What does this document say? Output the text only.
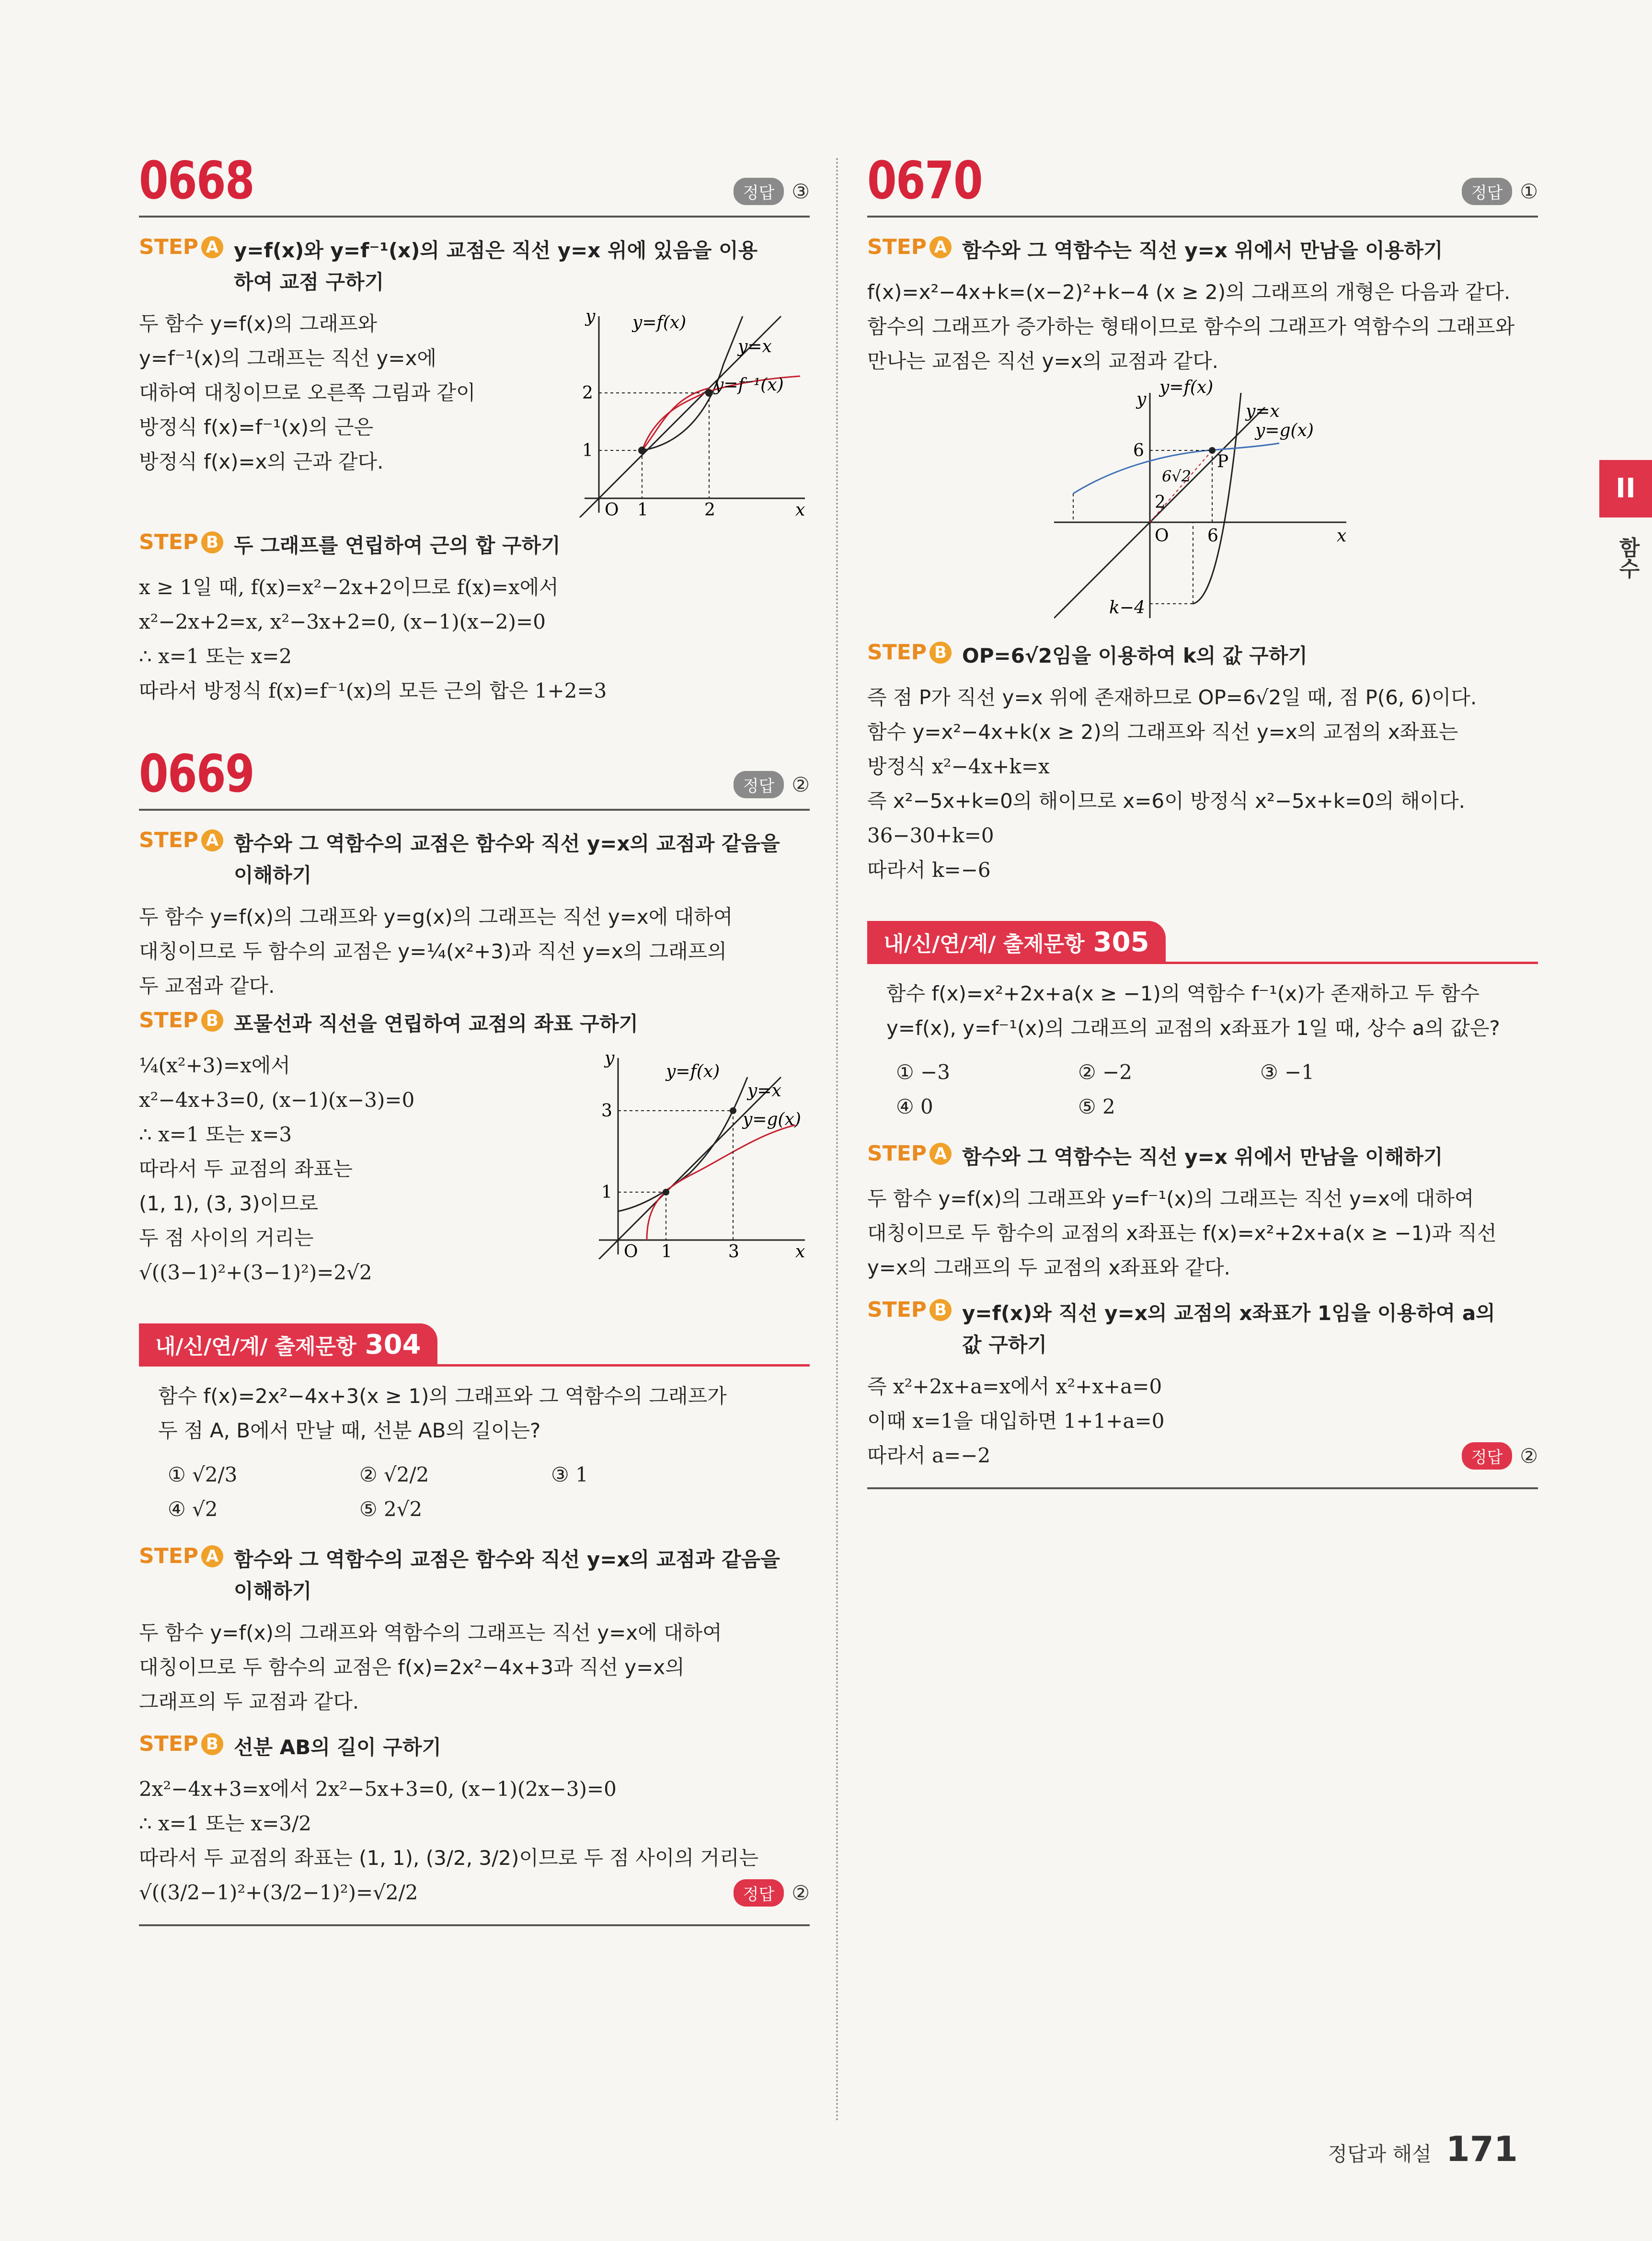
II
함수
0668	정답 ③
STEP A y=f(x)와 y=f⁻¹(x)의 교점은 직선 y=x 위에 있음을 이용
하여 교점 구하기
두 함수 y=f(x)의 그래프와
y=f⁻¹(x)의 그래프는 직선 y=x에
대하여 대칭이므로 오른쪽 그림과 같이
방정식 f(x)=f⁻¹(x)의 근은
방정식 f(x)=x의 근과 같다.
y
x
O 1	2
1
2
y=f(x)
y=x
y=f⁻¹(x)
STEP B 두 그래프를 연립하여 근의 합 구하기
x ≥ 1일 때, f(x)=x²−2x+2이므로 f(x)=x에서
x²−2x+2=x, x²−3x+2=0, (x−1)(x−2)=0
∴ x=1 또는 x=2
따라서 방정식 f(x)=f⁻¹(x)의 모든 근의 합은 1+2=3
0669	정답 ②
STEP A 함수와 그 역함수의 교점은 함수와 직선 y=x의 교점과 같음을
이해하기
두 함수 y=f(x)의 그래프와 y=g(x)의 그래프는 직선 y=x에 대하여
대칭이므로 두 함수의 교점은 y=¼(x²+3)과 직선 y=x의 그래프의
두 교점과 같다.
STEP B 포물선과 직선을 연립하여 교점의 좌표 구하기
¼(x²+3)=x에서
x²−4x+3=0, (x−1)(x−3)=0
∴ x=1 또는 x=3
따라서 두 교점의 좌표는
(1, 1), (3, 3)이므로
두 점 사이의 거리는
√((3−1)²+(3−1)²)=2√2
y
x
O 1	3
1
3
y=f(x)
y=x
y=g(x)
내/신/연/계/ 출제문항 304
함수 f(x)=2x²−4x+3(x ≥ 1)의 그래프와 그 역함수의 그래프가
두 점 A, B에서 만날 때, 선분 AB의 길이는?
① √2/3	② √2/2	③ 1
④ √2	⑤ 2√2
STEP A 함수와 그 역함수의 교점은 함수와 직선 y=x의 교점과 같음을
이해하기
두 함수 y=f(x)의 그래프와 역함수의 그래프는 직선 y=x에 대하여
대칭이므로 두 함수의 교점은 f(x)=2x²−4x+3과 직선 y=x의
그래프의 두 교점과 같다.
STEP B 선분 AB의 길이 구하기
2x²−4x+3=x에서 2x²−5x+3=0, (x−1)(2x−3)=0
∴ x=1 또는 x=3/2
따라서 두 교점의 좌표는 (1, 1), (3/2, 3/2)이므로 두 점 사이의 거리는
√((3/2−1)²+(3/2−1)²)=√2/2	정답 ②
0670	정답 ①
STEP A 함수와 그 역함수는 직선 y=x 위에서 만남을 이용하기
f(x)=x²−4x+k=(x−2)²+k−4 (x ≥ 2)의 그래프의 개형은 다음과 같다.
함수의 그래프가 증가하는 형태이므로 함수의 그래프가 역함수의 그래프와
만나는 교점은 직선 y=x의 교점과 같다.
y
x
O 6
6
2
k−4
P
6√2
y=f(x)
y=x
y=g(x)
STEP B OP=6√2임을 이용하여 k의 값 구하기
즉 점 P가 직선 y=x 위에 존재하므로 OP=6√2일 때, 점 P(6, 6)이다.
함수 y=x²−4x+k(x ≥ 2)의 그래프와 직선 y=x의 교점의 x좌표는
방정식 x²−4x+k=x
즉 x²−5x+k=0의 해이므로 x=6이 방정식 x²−5x+k=0의 해이다.
36−30+k=0
따라서 k=−6
내/신/연/계/ 출제문항 305
함수 f(x)=x²+2x+a(x ≥ −1)의 역함수 f⁻¹(x)가 존재하고 두 함수
y=f(x), y=f⁻¹(x)의 그래프의 교점의 x좌표가 1일 때, 상수 a의 값은?
① −3	② −2	③ −1
④ 0	⑤ 2
STEP A 함수와 그 역함수는 직선 y=x 위에서 만남을 이해하기
두 함수 y=f(x)의 그래프와 y=f⁻¹(x)의 그래프는 직선 y=x에 대하여
대칭이므로 두 함수의 교점의 x좌표는 f(x)=x²+2x+a(x ≥ −1)과 직선
y=x의 그래프의 두 교점의 x좌표와 같다.
STEP B y=f(x)와 직선 y=x의 교점의 x좌표가 1임을 이용하여 a의
값 구하기
즉 x²+2x+a=x에서 x²+x+a=0
이때 x=1을 대입하면 1+1+a=0
따라서 a=−2	정답 ②
정답과 해설 171
